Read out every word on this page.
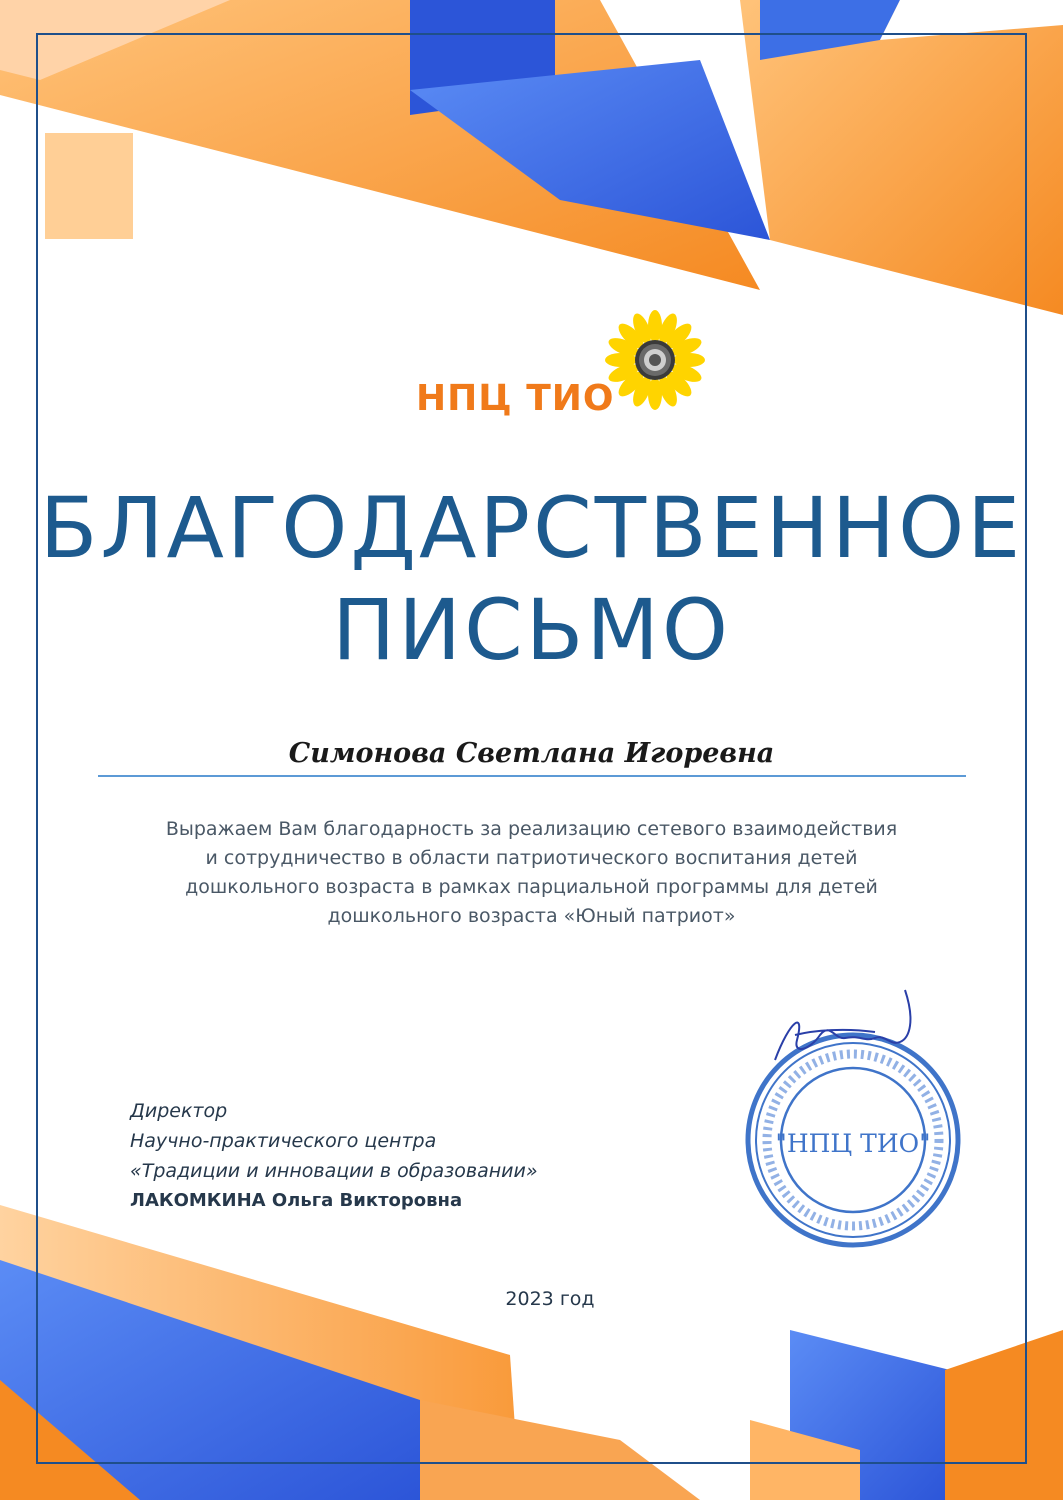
НПЦ ТИО
БЛАГОДАРСТВЕННОЕ
ПИСЬМО
Симонова Светлана Игоревна
Выражаем Вам благодарность за реализацию сетевого взаимодействия
и сотрудничество в области патриотического воспитания детей
дошкольного возраста в рамках парциальной программы для детей
дошкольного возраста «Юный патриот»
Директор
Научно-практического центра
«Традиции и инновации в образовании»
ЛАКОМКИНА Ольга Викторовна
"НПЦ ТИО"
2023 год
